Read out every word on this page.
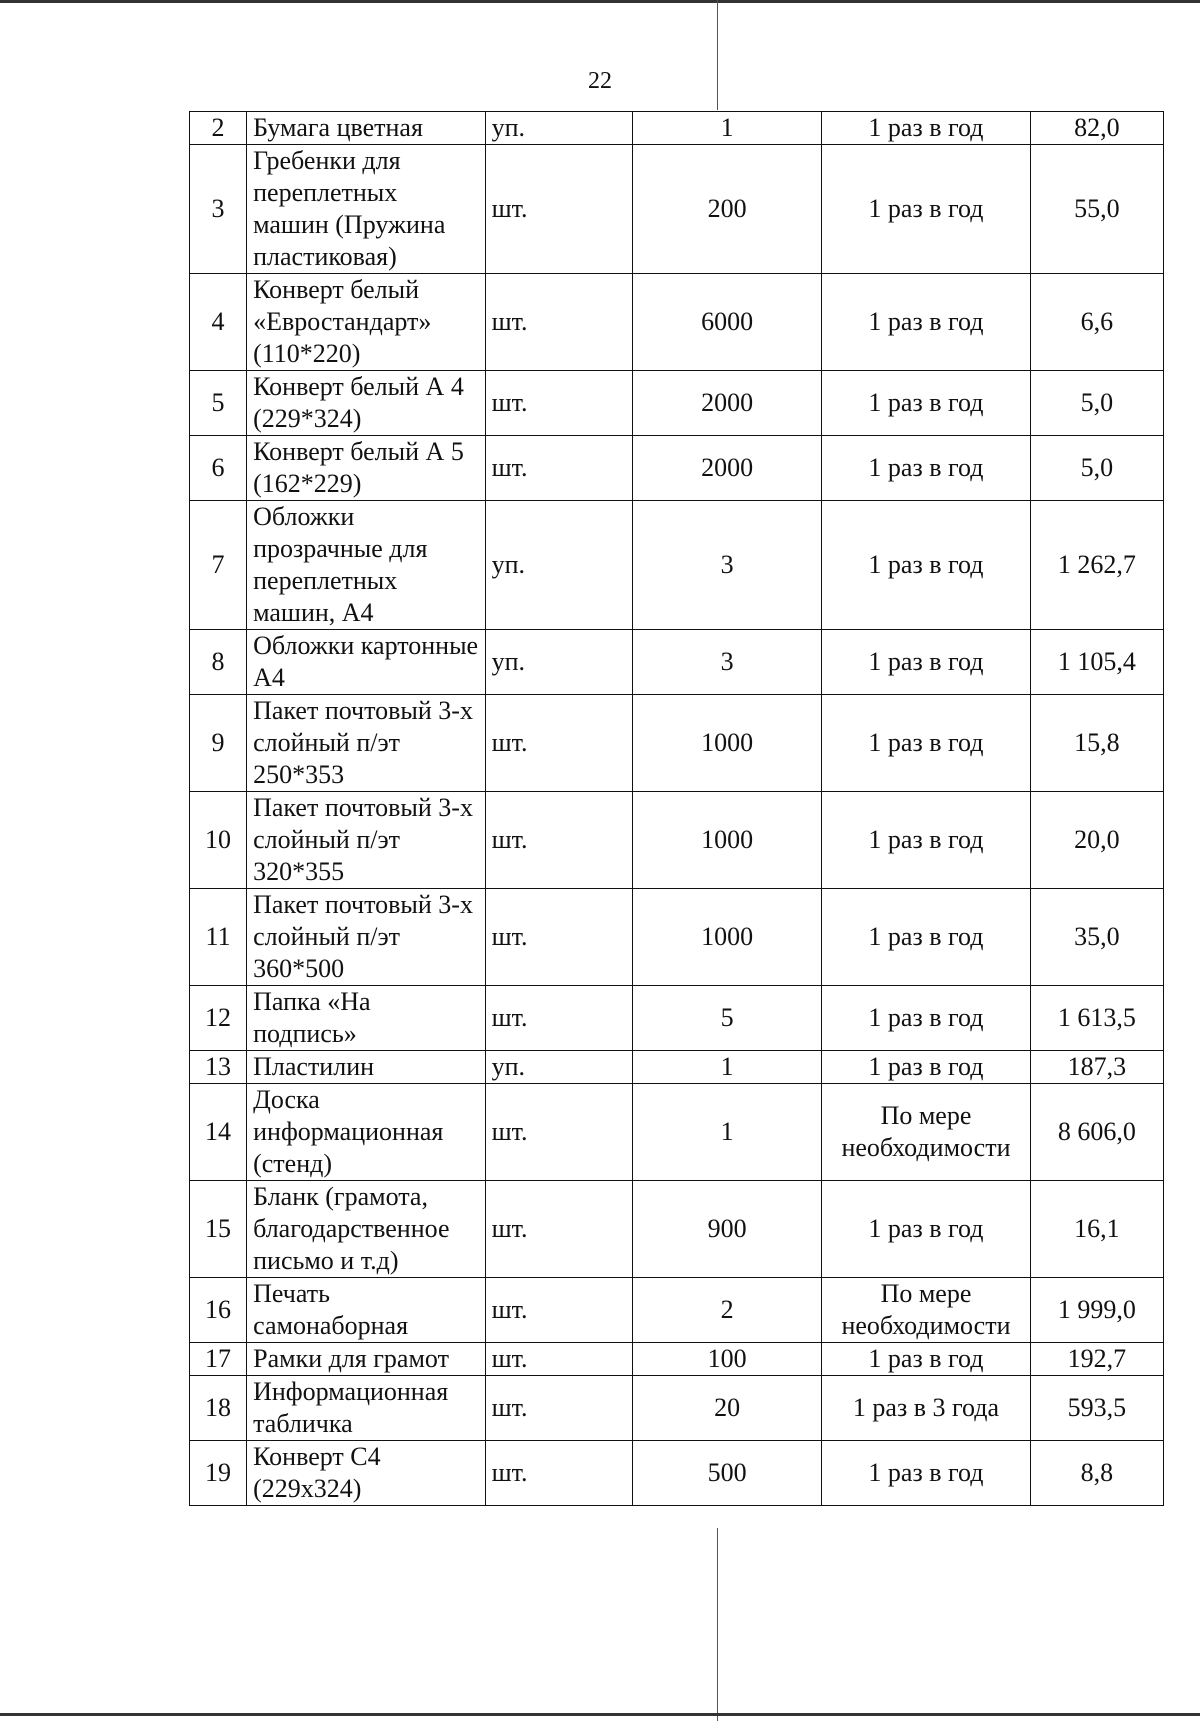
22
2	Бумага цветная	уп.	1	1 раз в год	82,0
3	Гребенки для переплетных машин (Пружина пластиковая)	шт.	200	1 раз в год	55,0
4	Конверт белый «Евростандарт» (110*220)	шт.	6000	1 раз в год	6,6
5	Конверт белый А 4 (229*324)	шт.	2000	1 раз в год	5,0
6	Конверт белый А 5 (162*229)	шт.	2000	1 раз в год	5,0
7	Обложки прозрачные для переплетных машин, А4	уп.	3	1 раз в год	1 262,7
8	Обложки картонные А4	уп.	3	1 раз в год	1 105,4
9	Пакет почтовый 3-х слойный п/эт 250*353	шт.	1000	1 раз в год	15,8
10	Пакет почтовый 3-х слойный п/эт 320*355	шт.	1000	1 раз в год	20,0
11	Пакет почтовый 3-х слойный п/эт 360*500	шт.	1000	1 раз в год	35,0
12	Папка «На подпись»	шт.	5	1 раз в год	1 613,5
13	Пластилин	уп.	1	1 раз в год	187,3
14	Доска информационная (стенд)	шт.	1	По мере необходимости	8 606,0
15	Бланк (грамота, благодарственное письмо и т.д)	шт.	900	1 раз в год	16,1
16	Печать самонаборная	шт.	2	По мере необходимости	1 999,0
17	Рамки для грамот	шт.	100	1 раз в год	192,7
18	Информационная табличка	шт.	20	1 раз в 3 года	593,5
19	Конверт С4 (229х324)	шт.	500	1 раз в год	8,8
